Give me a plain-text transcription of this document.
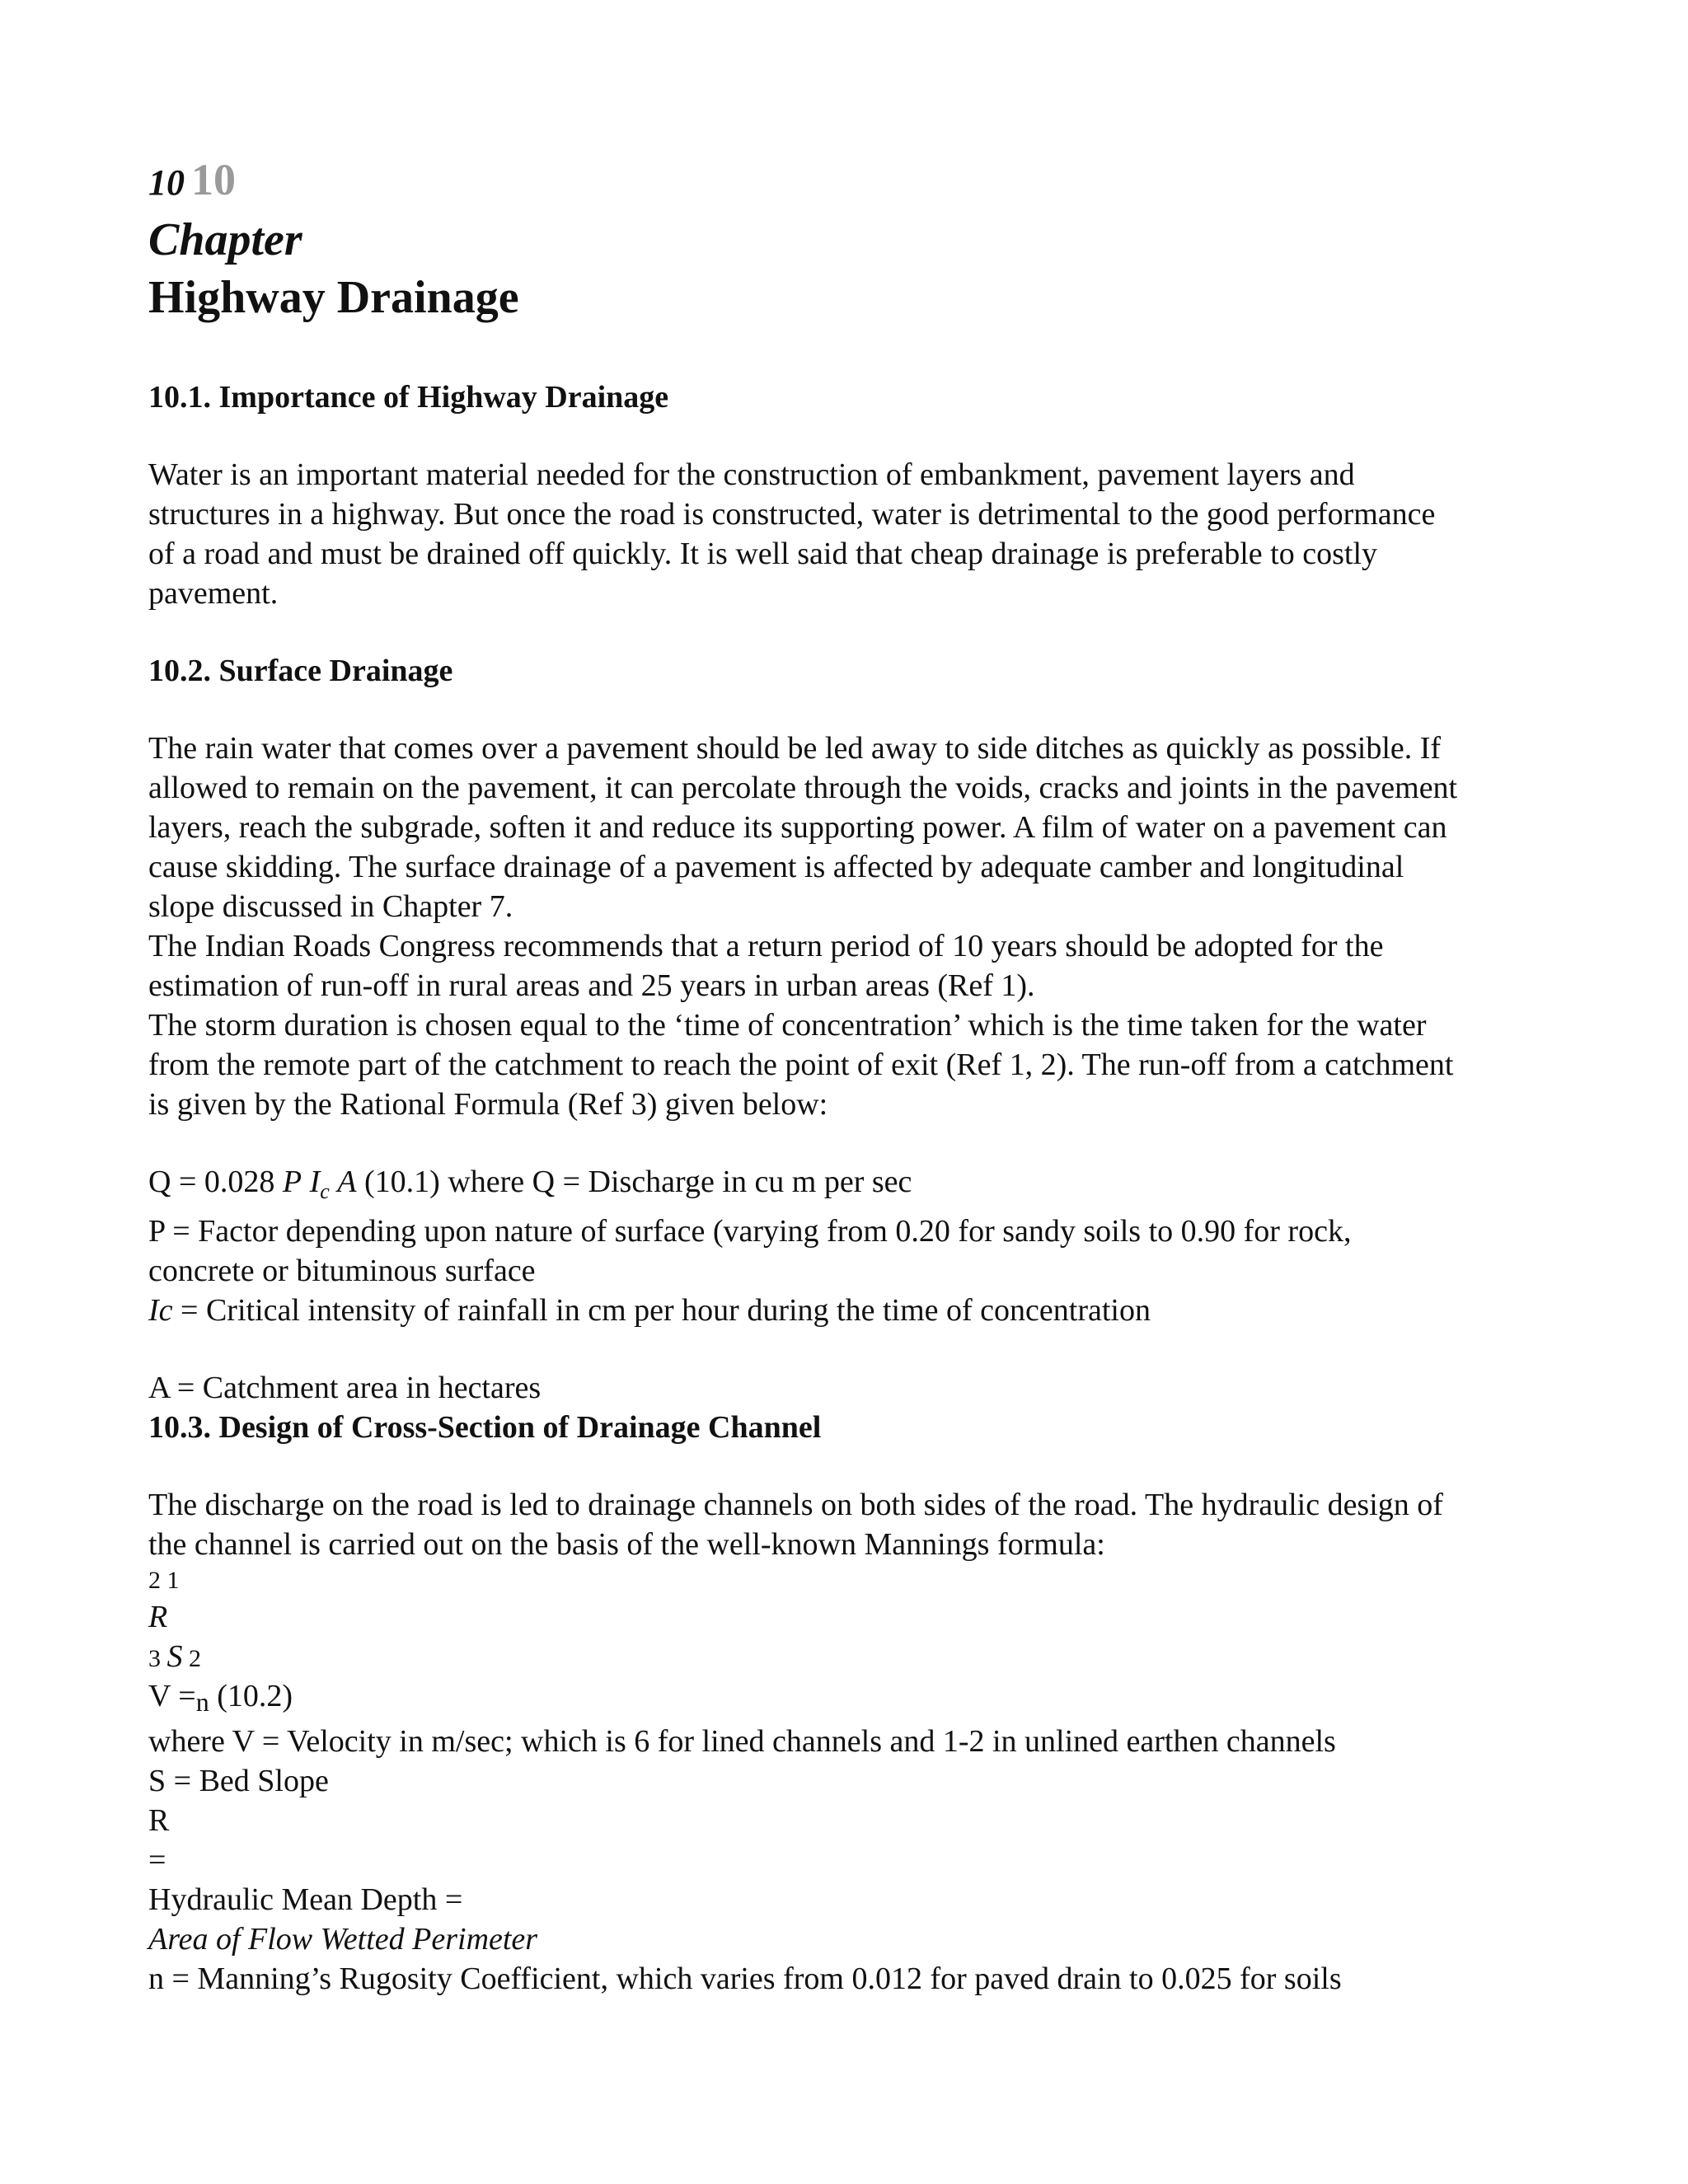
10 10
Chapter
Highway Drainage
10.1. Importance of Highway Drainage
Water is an important material needed for the construction of embankment, pavement layers and
structures in a highway. But once the road is constructed, water is detrimental to the good performance
of a road and must be drained off quickly. It is well said that cheap drainage is preferable to costly
pavement.
10.2. Surface Drainage
The rain water that comes over a pavement should be led away to side ditches as quickly as possible. If
allowed to remain on the pavement, it can percolate through the voids, cracks and joints in the pavement
layers, reach the subgrade, soften it and reduce its supporting power. A film of water on a pavement can
cause skidding. The surface drainage of a pavement is affected by adequate camber and longitudinal
slope discussed in Chapter 7.
The Indian Roads Congress recommends that a return period of 10 years should be adopted for the
estimation of run-off in rural areas and 25 years in urban areas (Ref 1).
The storm duration is chosen equal to the ‘time of concentration’ which is the time taken for the water
from the remote part of the catchment to reach the point of exit (Ref 1, 2). The run-off from a catchment
is given by the Rational Formula (Ref 3) given below:
Q = 0.028 P $I_c$ A (10.1) where Q = Discharge in cu m per sec
P = Factor depending upon nature of surface (varying from 0.20 for sandy soils to 0.90 for rock,
concrete or bituminous surface
Ic = Critical intensity of rainfall in cm per hour during the time of concentration
A = Catchment area in hectares
10.3. Design of Cross-Section of Drainage Channel
The discharge on the road is led to drainage channels on both sides of the road. The hydraulic design of
the channel is carried out on the basis of the well-known Mannings formula:
2 1
R
3 S 2
V =n (10.2)
where V = Velocity in m/sec; which is 6 for lined channels and 1-2 in unlined earthen channels
S = Bed Slope
R
=
Hydraulic Mean Depth =
Area of Flow Wetted Perimeter
n = Manning’s Rugosity Coefficient, which varies from 0.012 for paved drain to 0.025 for soils
